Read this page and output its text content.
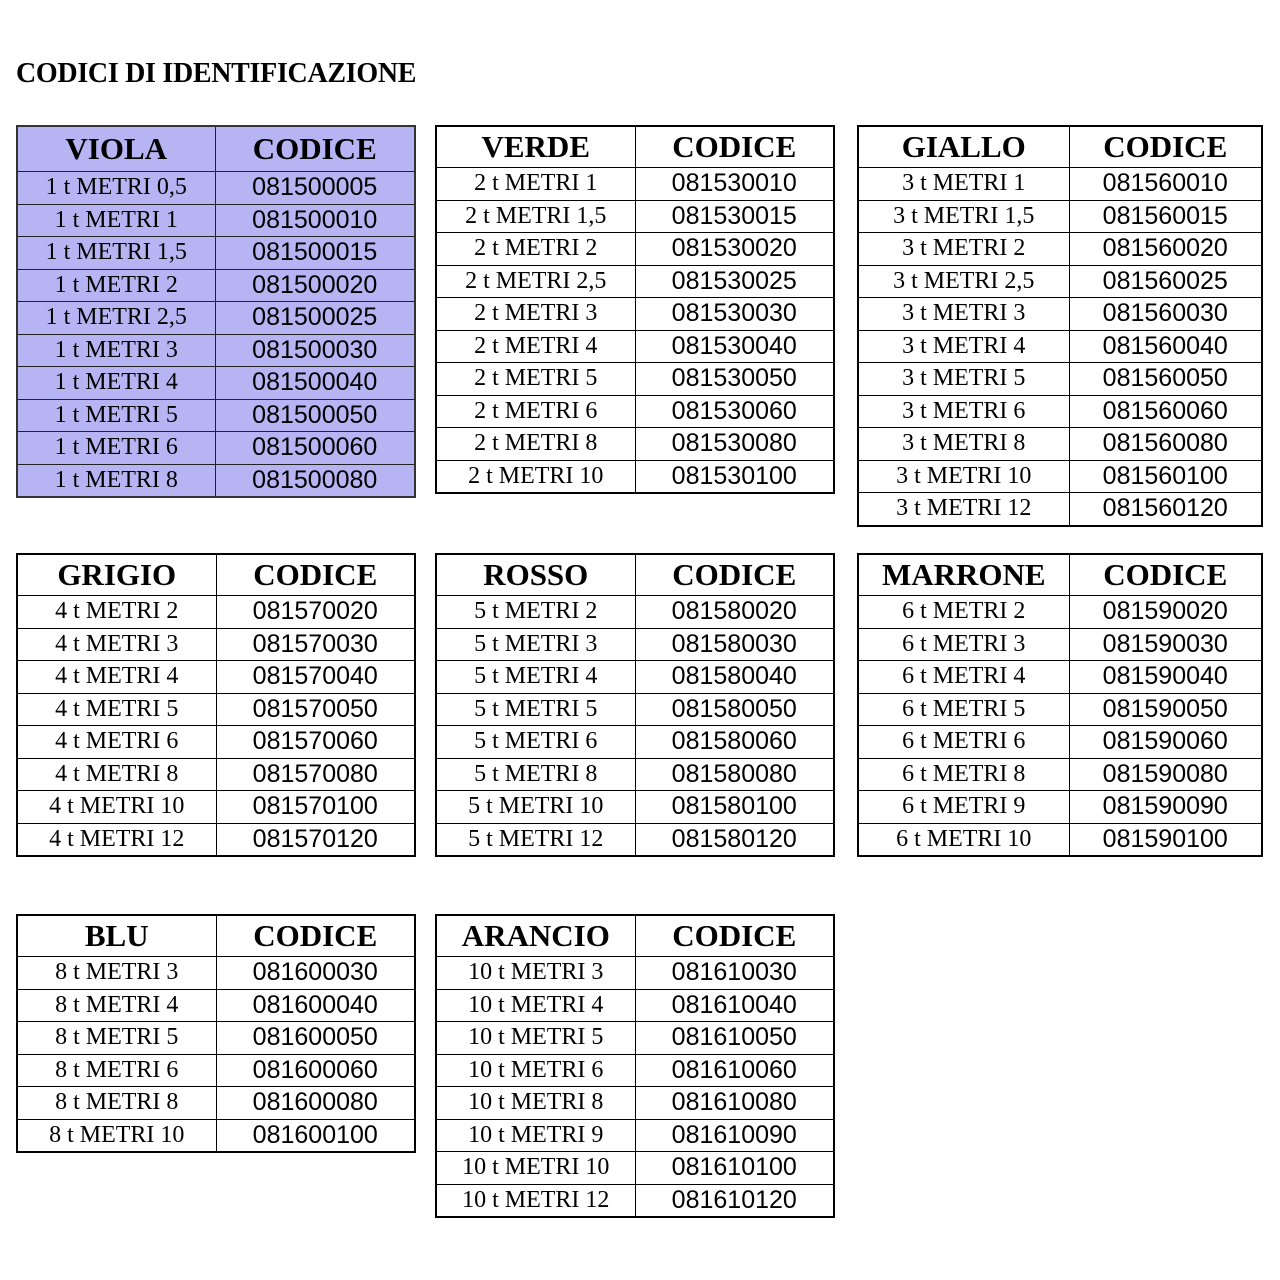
CODICI DI IDENTIFICAZIONE
VIOLA	CODICE
1 t METRI 0,5	081500005
1 t METRI 1	081500010
1 t METRI 1,5	081500015
1 t METRI 2	081500020
1 t METRI 2,5	081500025
1 t METRI 3	081500030
1 t METRI 4	081500040
1 t METRI 5	081500050
1 t METRI 6	081500060
1 t METRI 8	081500080
VERDE	CODICE
2 t METRI 1	081530010
2 t METRI 1,5	081530015
2 t METRI 2	081530020
2 t METRI 2,5	081530025
2 t METRI 3	081530030
2 t METRI 4	081530040
2 t METRI 5	081530050
2 t METRI 6	081530060
2 t METRI 8	081530080
2 t METRI 10	081530100
GIALLO	CODICE
3 t METRI 1	081560010
3 t METRI 1,5	081560015
3 t METRI 2	081560020
3 t METRI 2,5	081560025
3 t METRI 3	081560030
3 t METRI 4	081560040
3 t METRI 5	081560050
3 t METRI 6	081560060
3 t METRI 8	081560080
3 t METRI 10	081560100
3 t METRI 12	081560120
GRIGIO	CODICE
4 t METRI 2	081570020
4 t METRI 3	081570030
4 t METRI 4	081570040
4 t METRI 5	081570050
4 t METRI 6	081570060
4 t METRI 8	081570080
4 t METRI 10	081570100
4 t METRI 12	081570120
ROSSO	CODICE
5 t METRI 2	081580020
5 t METRI 3	081580030
5 t METRI 4	081580040
5 t METRI 5	081580050
5 t METRI 6	081580060
5 t METRI 8	081580080
5 t METRI 10	081580100
5 t METRI 12	081580120
MARRONE	CODICE
6 t METRI 2	081590020
6 t METRI 3	081590030
6 t METRI 4	081590040
6 t METRI 5	081590050
6 t METRI 6	081590060
6 t METRI 8	081590080
6 t METRI 9	081590090
6 t METRI 10	081590100
BLU	CODICE
8 t METRI 3	081600030
8 t METRI 4	081600040
8 t METRI 5	081600050
8 t METRI 6	081600060
8 t METRI 8	081600080
8 t METRI 10	081600100
ARANCIO	CODICE
10 t METRI 3	081610030
10 t METRI 4	081610040
10 t METRI 5	081610050
10 t METRI 6	081610060
10 t METRI 8	081610080
10 t METRI 9	081610090
10 t METRI 10	081610100
10 t METRI 12	081610120
